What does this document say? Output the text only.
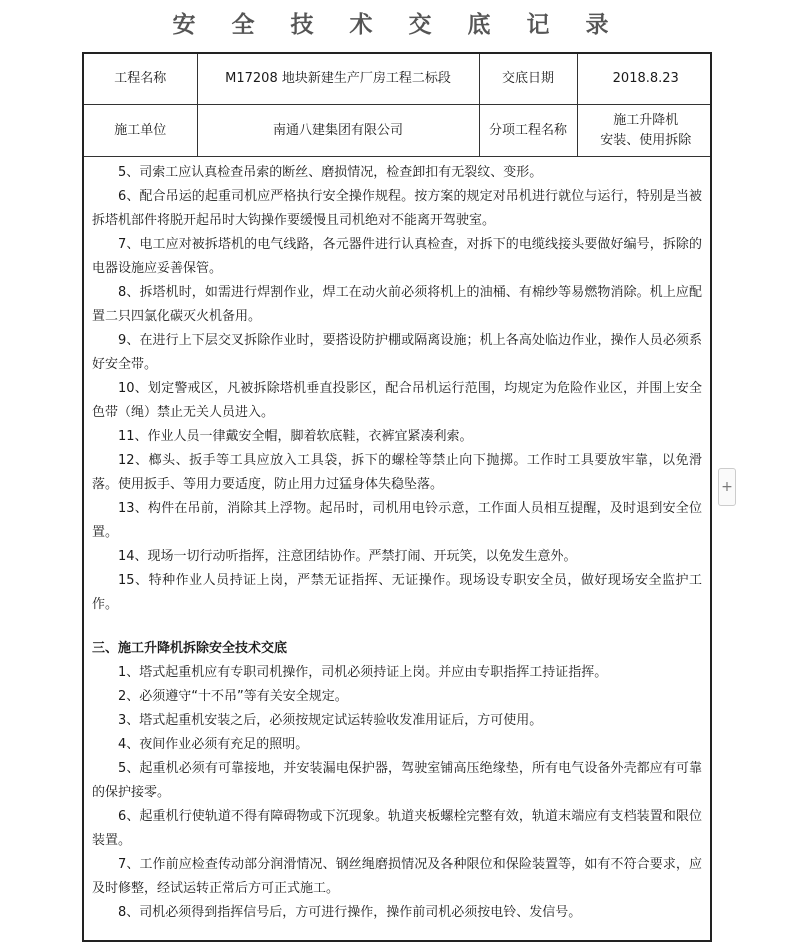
安 全 技 术 交 底 记 录
工程名称	M17208 地块新建生产厂房工程二标段	交底日期	2018.8.23
施工单位	南通八建集团有限公司	分项工程名称	施工升降机
安装、使用拆除

5、司索工应认真检查吊索的断丝、磨损情况，检查卸扣有无裂纹、变形。

6、配合吊运的起重司机应严格执行安全操作规程。按方案的规定对吊机进行就位与运行，特别是当被拆塔机部件将脱开起吊时大钩操作要缓慢且司机绝对不能离开驾驶室。

7、电工应对被拆塔机的电气线路，各元器件进行认真检查，对拆下的电缆线接头要做好编号，拆除的电器设施应妥善保管。

8、拆塔机时，如需进行焊割作业，焊工在动火前必须将机上的油桶、有棉纱等易燃物消除。机上应配置二只四氯化碳灭火机备用。

9、在进行上下层交叉拆除作业时，要搭设防护棚或隔离设施；机上各高处临边作业，操作人员必须系好安全带。

10、划定警戒区，凡被拆除塔机垂直投影区，配合吊机运行范围，均规定为危险作业区，并围上安全色带（绳）禁止无关人员进入。

11、作业人员一律戴安全帽，脚着软底鞋，衣裤宜紧凑利索。

12、榔头、扳手等工具应放入工具袋，拆下的螺栓等禁止向下抛掷。工作时工具要放牢靠，以免滑落。使用扳手、等用力要适度，防止用力过猛身体失稳坠落。

13、构件在吊前，消除其上浮物。起吊时，司机用电铃示意，工作面人员相互提醒，及时退到安全位置。

14、现场一切行动听指挥，注意团结协作。严禁打闹、开玩笑，以免发生意外。

15、特种作业人员持证上岗，严禁无证指挥、无证操作。现场设专职安全员，做好现场安全监护工作。

三、施工升降机拆除安全技术交底

1、塔式起重机应有专职司机操作，司机必须持证上岗。并应由专职指挥工持证指挥。

2、必须遵守“十不吊”等有关安全规定。

3、塔式起重机安装之后，必须按规定试运转验收发准用证后，方可使用。

4、夜间作业必须有充足的照明。

5、起重机必须有可靠接地，并安装漏电保护器，驾驶室铺高压绝缘垫，所有电气设备外壳都应有可靠的保护接零。

6、起重机行使轨道不得有障碍物或下沉现象。轨道夹板螺栓完整有效，轨道末端应有支档装置和限位装置。

7、工作前应检查传动部分润滑情况、钢丝绳磨损情况及各种限位和保险装置等，如有不符合要求，应及时修整，经试运转正常后方可正式施工。

8、司机必须得到指挥信号后，方可进行操作，操作前司机必须按电铃、发信号。

+
